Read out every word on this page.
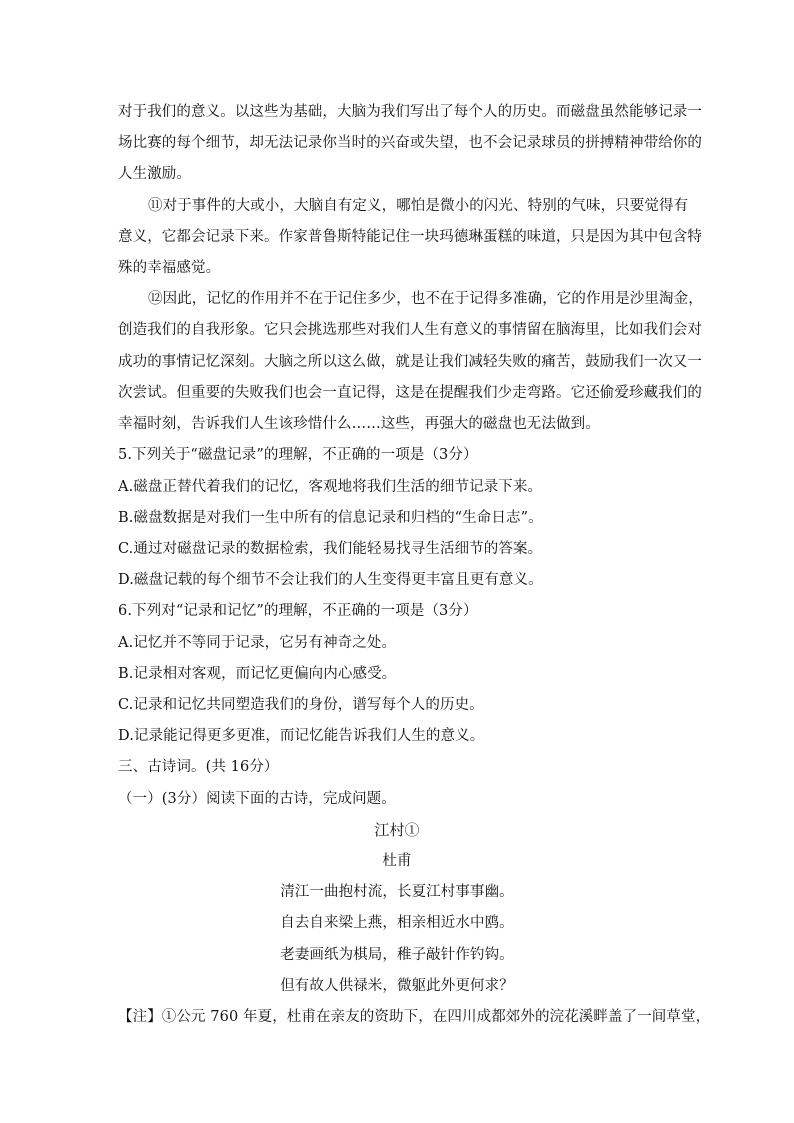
对于我们的意义。以这些为基础，大脑为我们写出了每个人的历史。而磁盘虽然能够记录一
场比赛的每个细节，却无法记录你当时的兴奋或失望，也不会记录球员的拼搏精神带给你的
人生激励。
⑪对于事件的大或小，大脑自有定义，哪怕是微小的闪光、特别的气味，只要觉得有
意义，它都会记录下来。作家普鲁斯特能记住一块玛德琳蛋糕的味道，只是因为其中包含特
殊的幸福感觉。
⑫因此，记忆的作用并不在于记住多少，也不在于记得多准确，它的作用是沙里淘金，
创造我们的自我形象。它只会挑选那些对我们人生有意义的事情留在脑海里，比如我们会对
成功的事情记忆深刻。大脑之所以这么做，就是让我们减轻失败的痛苦，鼓励我们一次又一
次尝试。但重要的失败我们也会一直记得，这是在提醒我们少走弯路。它还偷爱珍藏我们的
幸福时刻，告诉我们人生该珍惜什么……这些，再强大的磁盘也无法做到。
5.下列关于“磁盘记录”的理解，不正确的一项是（3分）
A.磁盘正替代着我们的记忆，客观地将我们生活的细节记录下来。
B.磁盘数据是对我们一生中所有的信息记录和归档的“生命日志”。
C.通过对磁盘记录的数据检索，我们能轻易找寻生活细节的答案。
D.磁盘记载的每个细节不会让我们的人生变得更丰富且更有意义。
6.下列对“记录和记忆”的理解，不正确的一项是（3分）
A.记忆并不等同于记录，它另有神奇之处。
B.记录相对客观，而记忆更偏向内心感受。
C.记录和记忆共同塑造我们的身份，谱写每个人的历史。
D.记录能记得更多更准，而记忆能告诉我们人生的意义。
三、古诗词。(共 16分）
（一）(3分）阅读下面的古诗，完成问题。
江村①
杜甫
清江一曲抱村流，长夏江村事事幽。
自去自来梁上燕，相亲相近水中鸥。
老妻画纸为棋局，稚子敲针作钓钩。
但有故人供禄米，微躯此外更何求？
【注】①公元 760 年夏，杜甫在亲友的资助下，在四川成都郊外的浣花溪畔盖了一间草堂，
